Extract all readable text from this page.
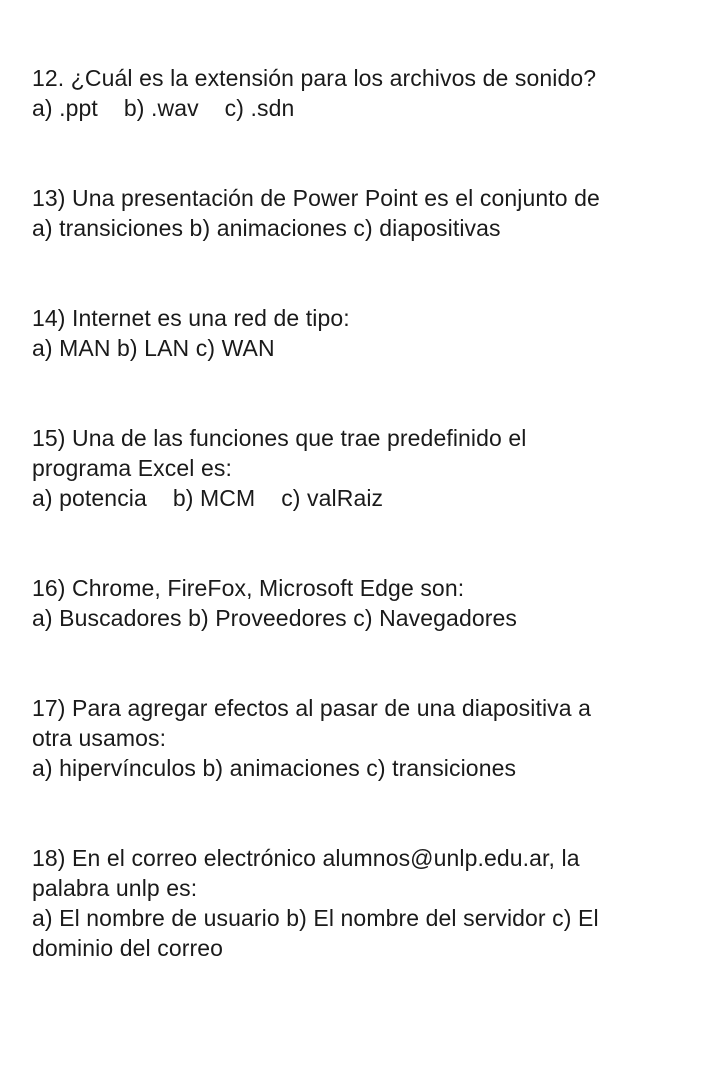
12. ¿Cuál es la extensión para los archivos de sonido?
a) .ppt    b) .wav    c) .sdn
13) Una presentación de Power Point es el conjunto de
a) transiciones b) animaciones c) diapositivas
14) Internet es una red de tipo:
a) MAN b) LAN c) WAN
15) Una de las funciones que trae predefinido el
programa Excel es:
a) potencia    b) MCM    c) valRaiz
16) Chrome, FireFox, Microsoft Edge son:
a) Buscadores b) Proveedores c) Navegadores
17) Para agregar efectos al pasar de una diapositiva a
otra usamos:
a) hipervínculos b) animaciones c) transiciones
18) En el correo electrónico alumnos@unlp.edu.ar, la
palabra unlp es:
a) El nombre de usuario b) El nombre del servidor c) El
dominio del correo
